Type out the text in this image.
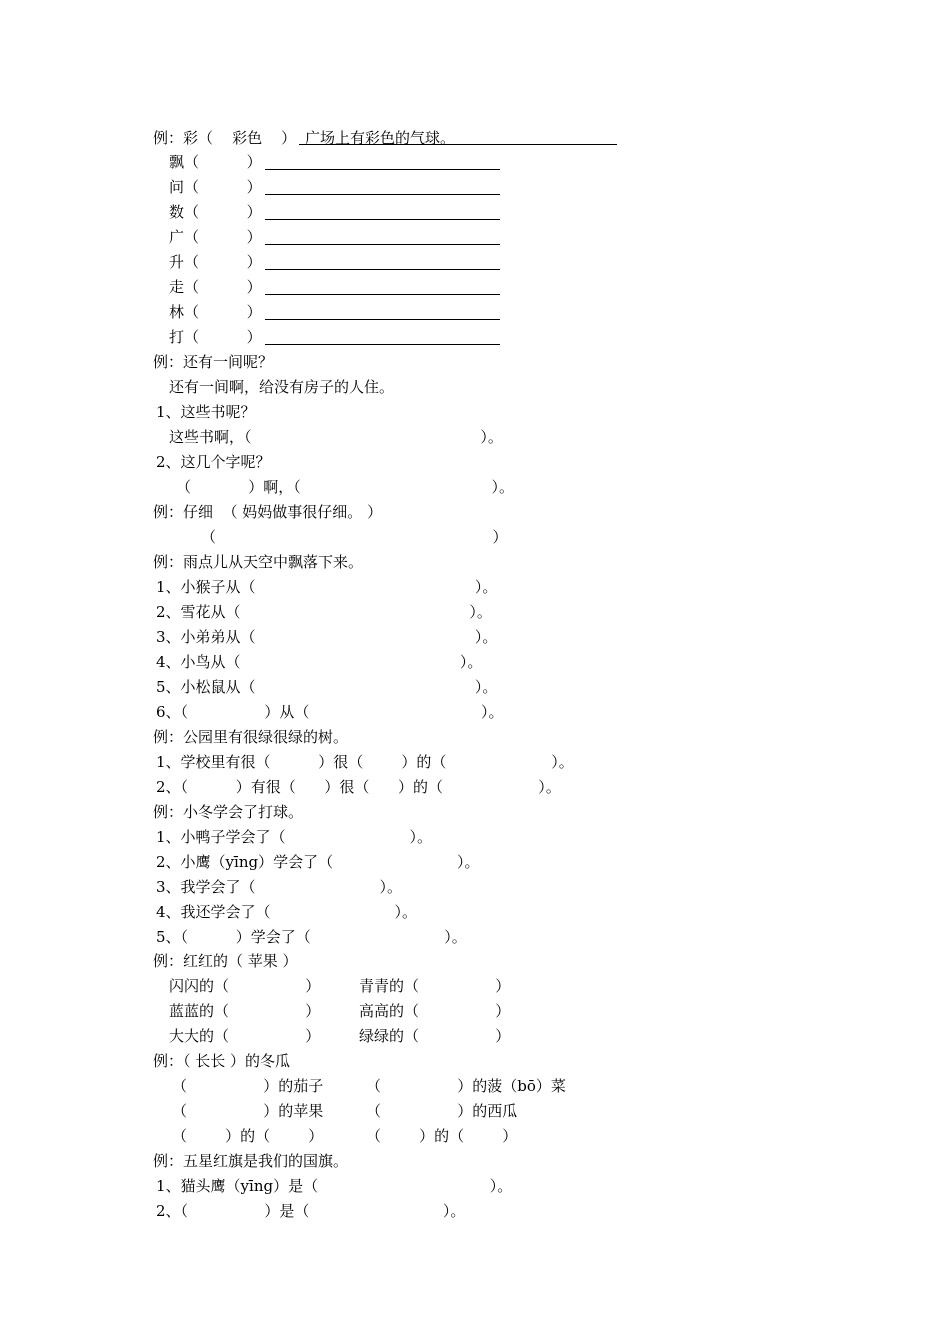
例：彩（    彩色    ） 广场上有彩色的气球。
飘（          ）
问（          ）
数（          ）
广（          ）
升（          ）
走（          ）
林（          ）
打（          ）
例：还有一间呢？
还有一间啊，给没有房子的人住。
1、这些书呢？
这些书啊，（                                                ）。
2、这几个字呢？
（            ）啊，（                                        ）。
例：仔细  （ 妈妈做事很仔细。 ）
（                                                          ）
例：雨点儿从天空中飘落下来。
1、小猴子从（                                              ）。
2、雪花从（                                                ）。
3、小弟弟从（                                              ）。
4、小鸟从（                                              ）。
5、小松鼠从（                                              ）。
6、（                ）从（                                    ）。
例：公园里有很绿很绿的树。
1、学校里有很（          ）很（        ）的（                      ）。
2、（          ）有很（      ）很（      ）的（                    ）。
例：小冬学会了打球。
1、小鸭子学会了（                          ）。
2、小鹰（yīng）学会了（                          ）。
3、我学会了（                          ）。
4、我还学会了（                          ）。
5、（          ）学会了（                            ）。
例：红红的（ 苹果 ）
闪闪的（                ）	青青的（                ）
蓝蓝的（                ）	高高的（                ）
大大的（                ）	绿绿的（                ）
例：（ 长长 ）的冬瓜
（                ）的茄子	（                ）的菠（bō）菜
（                ）的苹果	（                ）的西瓜
（        ）的（        ）	（        ）的（        ）
例：五星红旗是我们的国旗。
1、猫头鹰（yīng）是（                                    ）。
2、（                ）是（                            ）。
